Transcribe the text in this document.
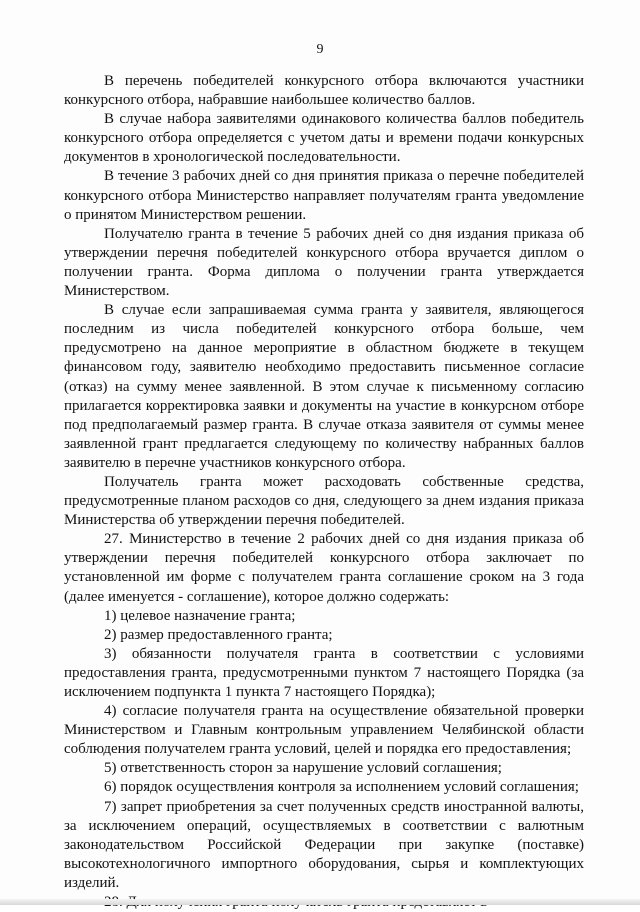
9

В перечень победителей конкурсного отбора включаются участники конкурсного отбора, набравшие наибольшее количество баллов.

В случае набора заявителями одинакового количества баллов победитель конкурсного отбора определяется с учетом даты и времени подачи конкурсных документов в хронологической последовательности.

В течение 3 рабочих дней со дня принятия приказа о перечне победителей конкурсного отбора Министерство направляет получателям гранта уведомление о принятом Министерством решении.

Получателю гранта в течение 5 рабочих дней со дня издания приказа об утверждении перечня победителей конкурсного отбора вручается диплом о получении гранта. Форма диплома о получении гранта утверждается Министерством.

В случае если запрашиваемая сумма гранта у заявителя, являющегося последним из числа победителей конкурсного отбора больше, чем предусмотрено на данное мероприятие в областном бюджете в текущем финансовом году, заявителю необходимо предоставить письменное согласие (отказ) на сумму менее заявленной. В этом случае к письменному согласию прилагается корректировка заявки и документы на участие в конкурсном отборе под предполагаемый размер гранта. В случае отказа заявителя от суммы менее заявленной грант предлагается следующему по количеству набранных баллов заявителю в перечне участников конкурсного отбора.

Получатель гранта может расходовать собственные средства, предусмотренные планом расходов со дня, следующего за днем издания приказа Министерства об утверждении перечня победителей.

27. Министерство в течение 2 рабочих дней со дня издания приказа об утверждении перечня победителей конкурсного отбора заключает по установленной им форме с получателем гранта соглашение сроком на 3 года (далее именуется - соглашение), которое должно содержать:

1) целевое назначение гранта;

2) размер предоставленного гранта;

3) обязанности получателя гранта в соответствии с условиями предоставления гранта, предусмотренными пунктом 7 настоящего Порядка (за исключением подпункта 1 пункта 7 настоящего Порядка);

4) согласие получателя гранта на осуществление обязательной проверки Министерством и Главным контрольным управлением Челябинской области соблюдения получателем гранта условий, целей и порядка его предоставления;

5) ответственность сторон за нарушение условий соглашения;

6) порядок осуществления контроля за исполнением условий соглашения;

7) запрет приобретения за счет полученных средств иностранной валюты, за исключением операций, осуществляемых в соответствии с валютным законодательством Российской Федерации при закупке (поставке) высокотехнологичного импортного оборудования, сырья и комплектующих изделий.
